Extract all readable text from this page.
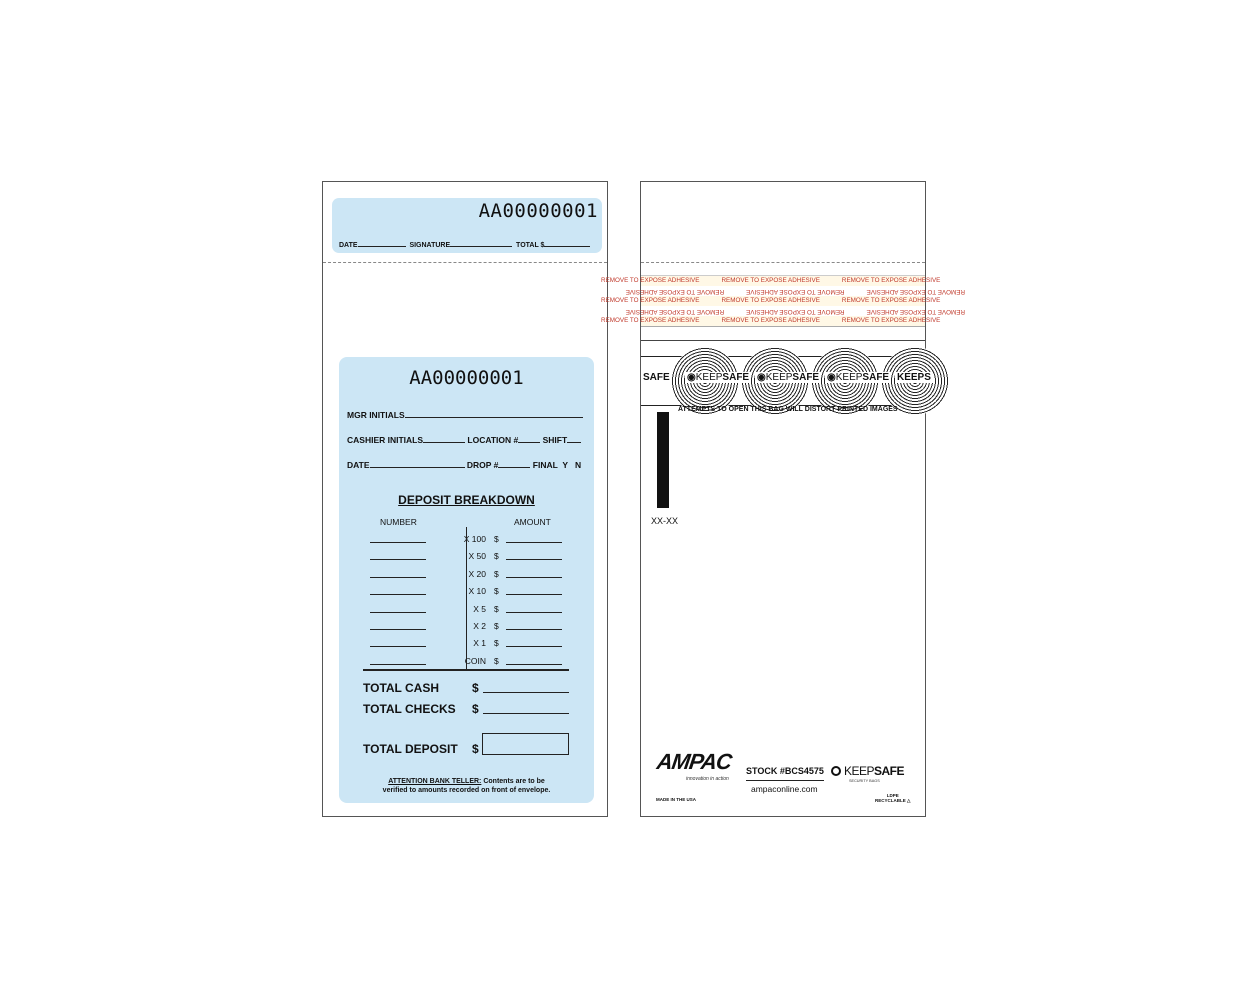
AA00000001
DATE	SIGNATURE	TOTAL $
AA00000001
MGR INITIALS
CASHIER INITIALS	LOCATION #	SHIFT
DATE	DROP #	FINAL Y N
DEPOSIT BREAKDOWN
NUMBER	AMOUNT
X 100 $
X 50 $
X 20 $
X 10 $
X 5 $
X 2 $
X 1 $
COIN $
TOTAL CASH	$
TOTAL CHECKS $
TOTAL DEPOSIT $
ATTENTION BANK TELLER: Contents are to be
verified to amounts recorded on front of envelope.
REMOVE TO EXPOSE ADHESIVE	REMOVE TO EXPOSE ADHESIVE	REMOVE TO EXPOSE ADHESIVE
REMOVE TO EXPOSE ADHESIVEREMOVE TO EXPOSE ADHESIVEREMOVE TO EXPOSE ADHESIVE
REMOVE TO EXPOSE ADHESIVE	REMOVE TO EXPOSE ADHESIVE	REMOVE TO EXPOSE ADHESIVE
REMOVE TO EXPOSE ADHESIVEREMOVE TO EXPOSE ADHESIVEREMOVE TO EXPOSE ADHESIVE
REMOVE TO EXPOSE ADHESIVE	REMOVE TO EXPOSE ADHESIVE	REMOVE TO EXPOSE ADHESIVE
SAFE	KEEPS
◉KEEPSAFE ◉KEEPSAFE ◉KEEPSAFE
ATTEMPTS TO OPEN THIS BAG WILL DISTORT PRINTED IMAGES
XX-XX
AMPAC
innovation in action
MADE IN THE USA
STOCK #BCS4575
ampaconline.com
KEEPSAFE
SECURITY BAGS
LDPE
RECYCLABLE △
